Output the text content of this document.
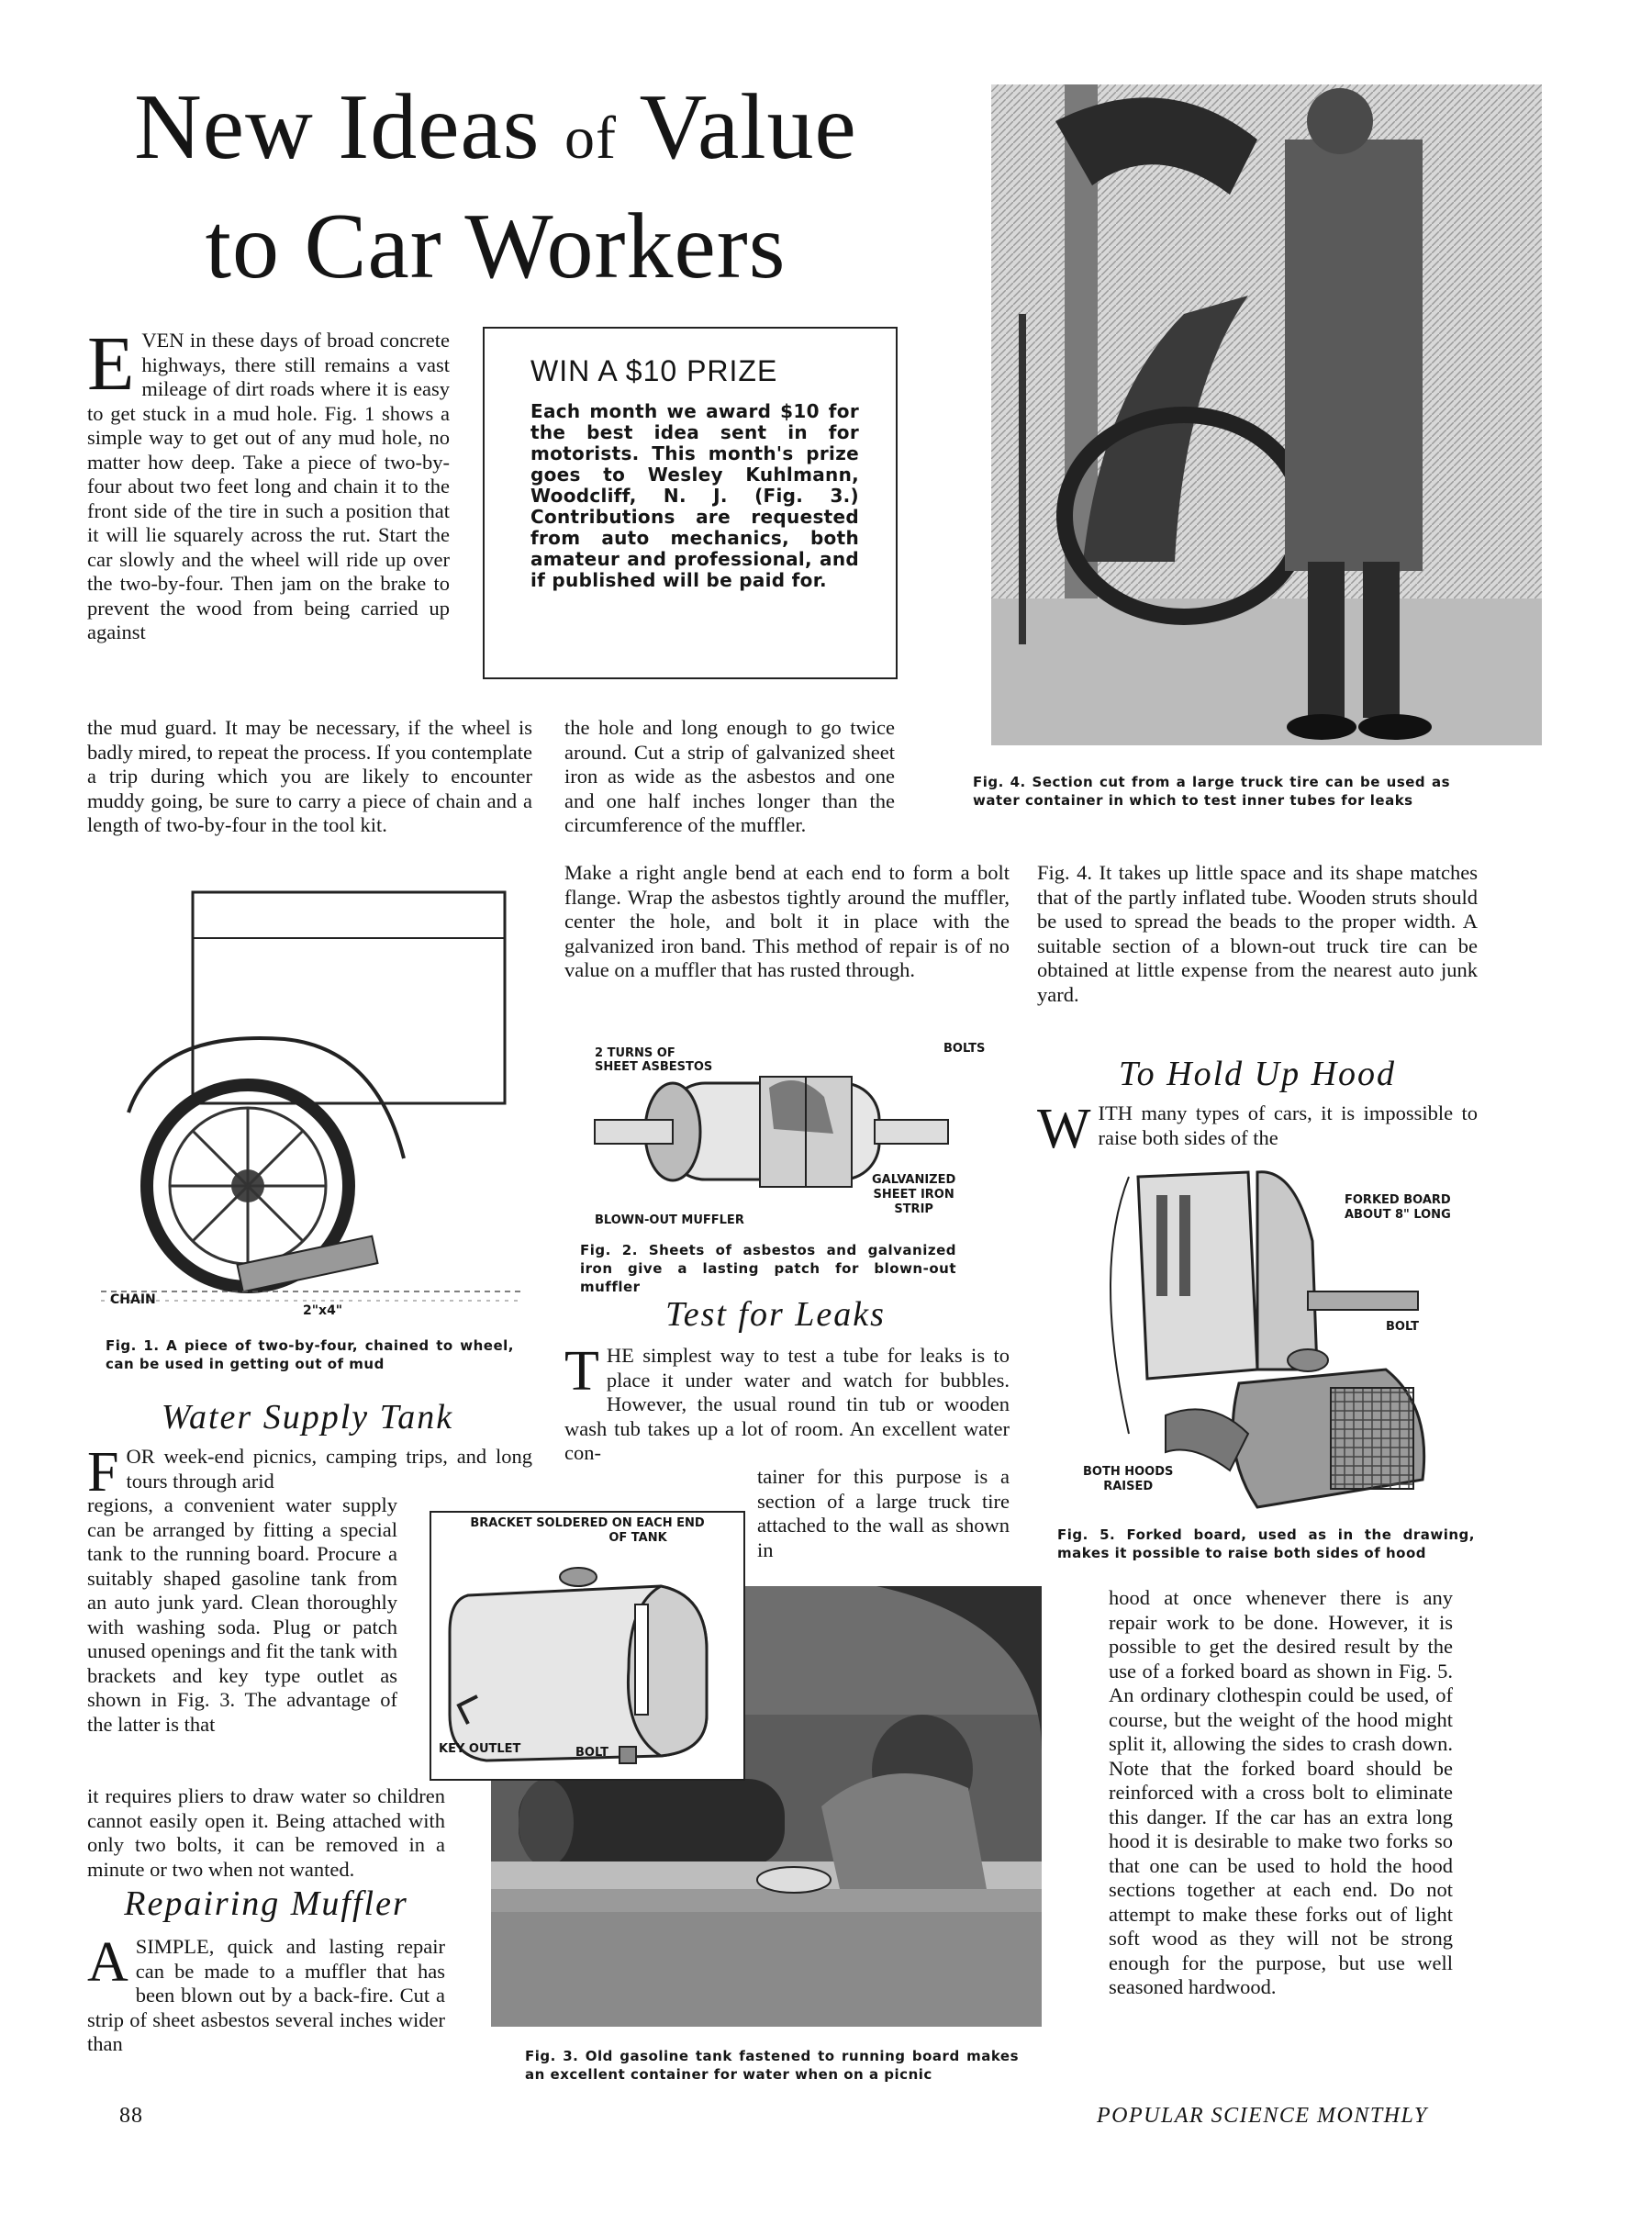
New Ideas of Value
to Car Workers
EVEN in these days of broad concrete highways, there still remains a vast mileage of dirt roads where it is easy to get stuck in a mud hole. Fig. 1 shows a simple way to get out of any mud hole, no matter how deep. Take a piece of two-by-four about two feet long and chain it to the front side of the tire in such a position that it will lie squarely across the rut. Start the car slowly and the wheel will ride up over the two-by-four. Then jam on the brake to prevent the wood from being carried up against
the mud guard. It may be necessary, if the wheel is badly mired, to repeat the process. If you contemplate a trip during which you are likely to encounter muddy going, be sure to carry a piece of chain and a length of two-by-four in the tool kit.
WIN A $10 PRIZE
Each month we award $10 for the best idea sent in for motorists. This month's prize goes to Wesley Kuhlmann, Woodcliff, N. J. (Fig. 3.) Contributions are requested from auto mechanics, both amateur and professional, and if published will be paid for.
Fig. 4. Section cut from a large truck tire can be used as water container in which to test inner tubes for leaks
the hole and long enough to go twice around. Cut a strip of galvanized sheet iron as wide as the asbestos and one and one half inches longer than the circumference of the muffler.
Make a right angle bend at each end to form a bolt flange. Wrap the asbestos tightly around the muffler, center the hole, and bolt it in place with the galvanized iron band. This method of repair is of no value on a muffler that has rusted through.
Fig. 4. It takes up little space and its shape matches that of the partly inflated tube. Wooden struts should be used to spread the beads to the proper width. A suitable section of a blown-out truck tire can be obtained at little expense from the nearest auto junk yard.
CHAIN
2"x4"
Fig. 1. A piece of two-by-four, chained to wheel, can be used in getting out of mud
2 TURNS OF
SHEET ASBESTOS
BOLTS
GALVANIZED
SHEET IRON
STRIP
BLOWN-OUT MUFFLER
Fig. 2. Sheets of asbestos and galvanized iron give a lasting patch for blown-out muffler
Test for Leaks
THE simplest way to test a tube for leaks is to place it under water and watch for bubbles. However, the usual round tin tub or wooden wash tub takes up a lot of room. An excellent water con-
tainer for this purpose is a section of a large truck tire attached to the wall as shown in
To Hold Up Hood
WITH many types of cars, it is impossible to raise both sides of the
FORKED BOARD
ABOUT 8" LONG
BOLT
BOTH HOODS
RAISED
Fig. 5. Forked board, used as in the drawing, makes it possible to raise both sides of hood
Water Supply Tank
FOR week-end picnics, camping trips, and long tours through arid
regions, a convenient water supply can be arranged by fitting a special tank to the running board. Procure a suitably shaped gasoline tank from an auto junk yard. Clean thoroughly with washing soda. Plug or patch unused openings and fit the tank with brackets and key type outlet as shown in Fig. 3. The advantage of the latter is that
it requires pliers to draw water so children cannot easily open it. Being attached with only two bolts, it can be removed in a minute or two when not wanted.
BRACKET SOLDERED ON EACH END
OF TANK
KEY OUTLET	BOLT
Fig. 3. Old gasoline tank fastened to running board makes an excellent container for water when on a picnic
Repairing Muffler
ASIMPLE, quick and lasting repair can be made to a muffler that has been blown out by a back-fire. Cut a strip of sheet asbestos several inches wider than
hood at once whenever there is any repair work to be done. However, it is possible to get the desired result by the use of a forked board as shown in Fig. 5. An ordinary clothespin could be used, of course, but the weight of the hood might split it, allowing the sides to crash down. Note that the forked board should be reinforced with a cross bolt to eliminate this danger. If the car has an extra long hood it is desirable to make two forks so that one can be used to hold the hood sections together at each end. Do not attempt to make these forks out of light soft wood as they will not be strong enough for the purpose, but use well seasoned hardwood.
88	POPULAR SCIENCE MONTHLY
